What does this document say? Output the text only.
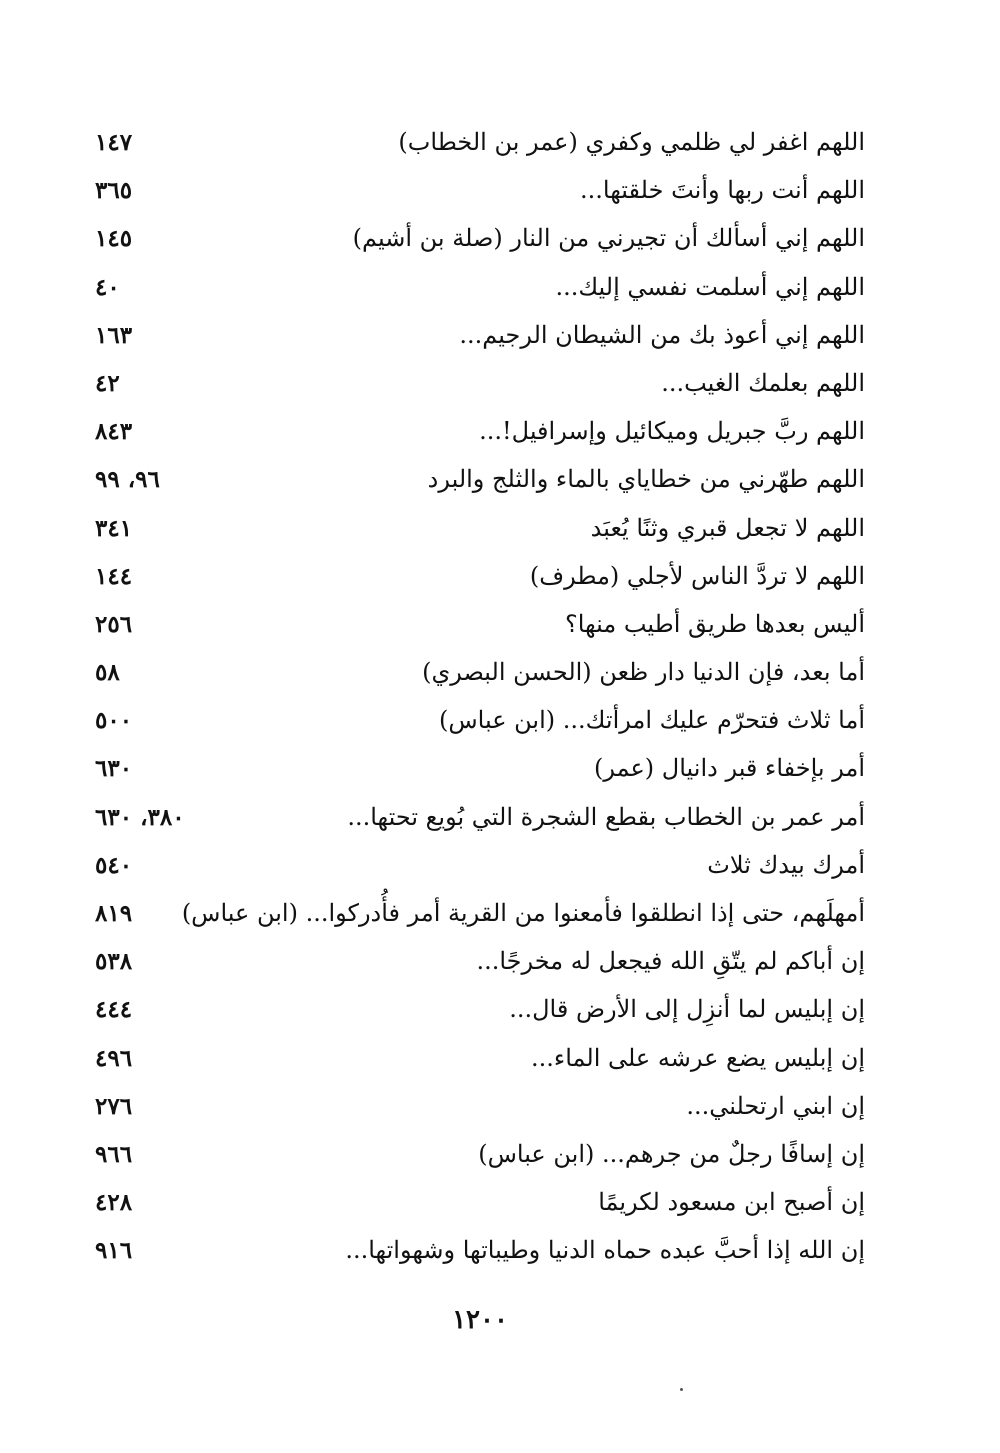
اللهم اغفر لي ظلمي وكفري (عمر بن الخطاب)
١٤٧
اللهم أنت ربها وأنتَ خلقتها...
٣٦٥
اللهم إني أسألك أن تجيرني من النار (صلة بن أشيم)
١٤٥
اللهم إني أسلمت نفسي إليك...
٤٠
اللهم إني أعوذ بك من الشيطان الرجيم...
١٦٣
اللهم بعلمك الغيب...
٤٢
اللهم ربَّ جبريل وميكائيل وإسرافيل!...
٨٤٣
اللهم طهّرني من خطاياي بالماء والثلج والبرد
٩٦، ٩٩
اللهم لا تجعل قبري وثنًا يُعبَد
٣٤١
اللهم لا تردَّ الناس لأجلي (مطرف)
١٤٤
أليس بعدها طريق أطيب منها؟
٢٥٦
أما بعد، فإن الدنيا دار ظعن (الحسن البصري)
٥٨
أما ثلاث فتحرّم عليك امرأتك... (ابن عباس)
٥٠٠
أمر بإخفاء قبر دانيال (عمر)
٦٣٠
أمر عمر بن الخطاب بقطع الشجرة التي بُويع تحتها...
٣٨٠، ٦٣٠
أمرك بيدك ثلاث
٥٤٠
أمهلَهم، حتى إذا انطلقوا فأمعنوا من القرية أمر فأُدركوا... (ابن عباس)
٨١٩
إن أباكم لم يتّقِ الله فيجعل له مخرجًا...
٥٣٨
إن إبليس لما أنزِل إلى الأرض قال...
٤٤٤
إن إبليس يضع عرشه على الماء...
٤٩٦
إن ابني ارتحلني...
٢٧٦
إن إسافًا رجلٌ من جرهم... (ابن عباس)
٩٦٦
إن أصبح ابن مسعود لكريمًا
٤٢٨
إن الله إذا أحبَّ عبده حماه الدنيا وطيباتها وشهواتها...
٩١٦
١٢٠٠
